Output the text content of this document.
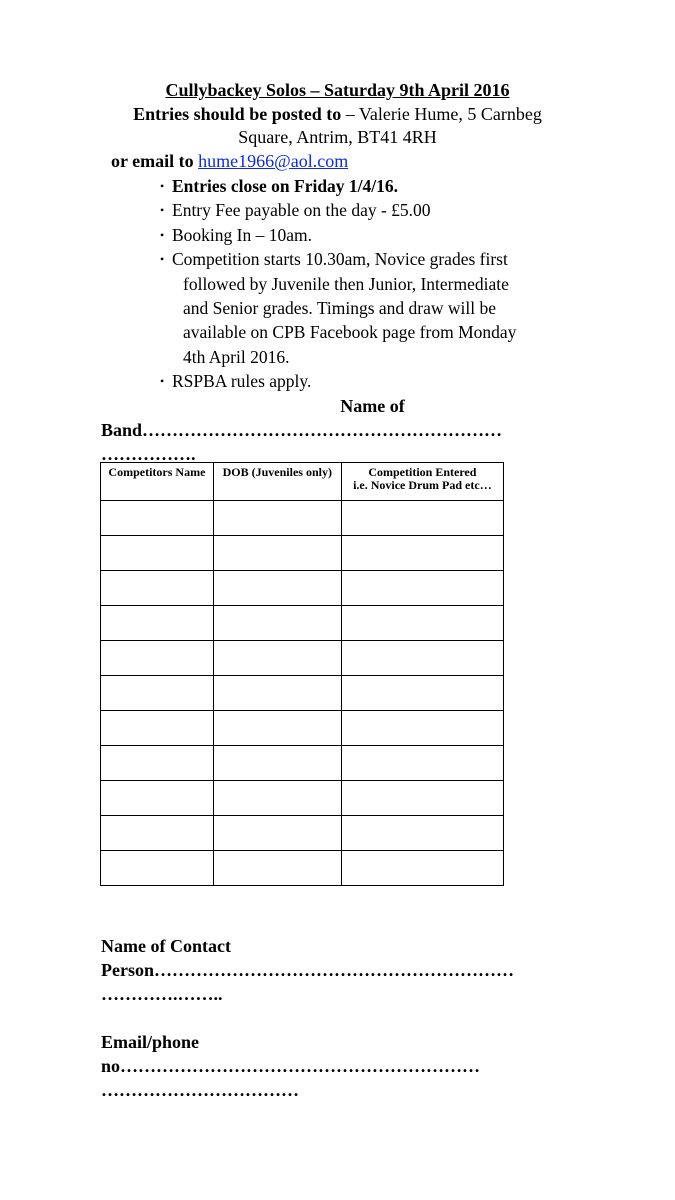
Cullybackey Solos – Saturday 9th April 2016
Entries should be posted to – Valerie Hume, 5 Carnbeg
Square, Antrim, BT41 4RH
or email to hume1966@aol.com
• Entries close on Friday 1/4/16.
• Entry Fee payable on the day - £5.00
• Booking In – 10am.
• Competition starts 10.30am, Novice grades first
followed by Juvenile then Junior, Intermediate
and Senior grades. Timings and draw will be
available on CPB Facebook page from Monday
4th April 2016.
• RSPBA rules apply.
Name of
Band……………………………………………………
…………….
Competitors Name	DOB (Juveniles only)	Competition Entered
i.e. Novice Drum Pad etc…

Name of Contact
Person……………………………………………………
………….……..
Email/phone
no……………………………………………………
……………………………
